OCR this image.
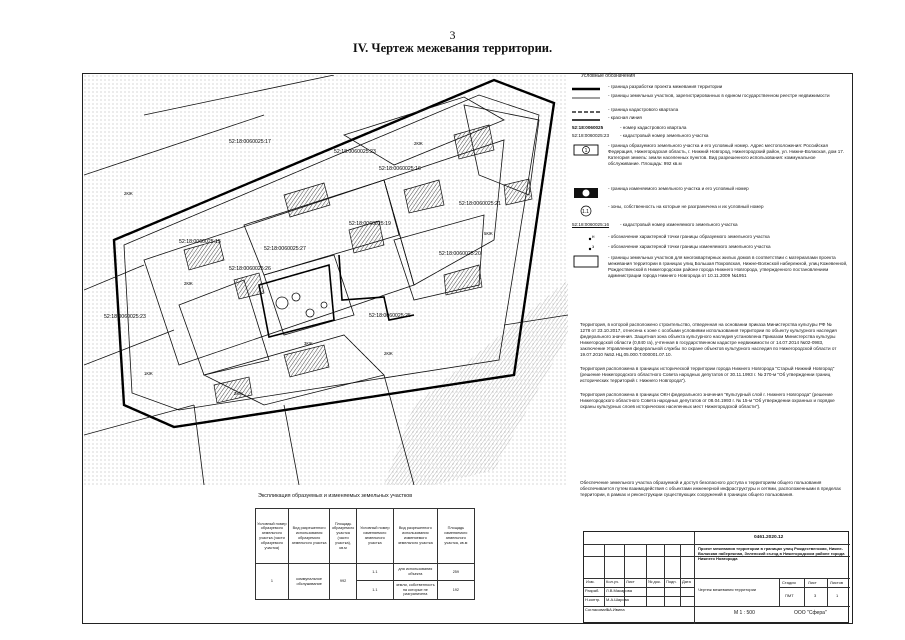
3
IV. Чертеж межевания территории.
52:18:0060025:17
52:18:0060025:16
52:18:0060025:21
52:18:0060025:15
52:18:0060025:27
52:18:0060025:19
52:18:0060025:26
52:18:0060025:20
52:18:0060025:23	52:18:0060025:25
52:18:0060025:23
2КЖ
2КЖ
3КЖ
2КЖ
5КЖ
2КЖ
1КЖ
2КЖ
Условные обозначения
- граница разработки проекта межевания территории
- границы земельных участков, зарегистрированных в едином государственном реестре недвижимости
- граница кадастрового квартала
- красная линия
52:18:0060025	- номер кадастрового квартала
52:18:0060025:23 - кадастровый номер земельного участка
1
- граница образуемого земельного участка и его условный номер. Адрес местоположения: Российская Федерация, Нижегородская область, г. Нижний Новгород, Нижегородский район, ул. Нижне-Волжская, дом 17. Категория земель: земли населенных пунктов. Вид разрешенного использования: коммунальное обслуживание. Площадь: 992 кв.м
- граница изменяемого земельного участка и его условный номер
1.1
- зоны, собственность на которые не разграничена и их условный номер
52:18:0060025:16 - кадастровый номер изменяемого земельного участка
н	- обозначение характерной точки границы образуемого земельного участка
з	- обозначение характерной точки границы изменяемого земельного участка
- границы земельных участков для многоквартирных жилых домов в соответствии с материалами проекта межевания территории в границах улиц Большая Покровская, Нижне-Волжской набережной, улиц Кожевенной, Рождественской в Нижегородском районе города Нижнего Новгорода, утвержденного постановлением администрации города Нижнего Новгорода от 10.11.2009 №1951

Территория, в которой расположено строительство, отведенная на основании приказа Министерства культуры РФ № 1278 от 23.10.2017, отнесена к зоне с особыми условиями использования территории по объекту культурного наследия федерального значения. Защитная зона объекта культурного наследия установлена Приказом Министерства культуры Нижегородской области (0,840 га), учтенная в государственном кадастре недвижимости от 14.07.2014 №02-0983, заключение Управления федеральной службы по охране объектов культурного наследия по Нижегородской области от 19.07.2010 №52.НЦ.05.000.Т.000001.07.10.

Территория расположена в границах исторической территории города Нижнего Новгорода "Старый Нижний Новгород" (решение Нижегородского областного Совета народных депутатов от 30.11.1993 г. № 370-м "Об утверждении границ исторических территорий г. Нижнего Новгорода").

Территория расположена в границах ОКН федерального значения "Культурный слой г. Нижнего Новгорода" (решение Нижегородского областного Совета народных депутатов от 08.04.1993 г. № 15-м "Об утверждении охранных и порядке охраны культурных слоев исторических населенных мест Нижегородской области").

Обеспечение земельного участка образуемой и доступ безопасного доступа к территориям общего пользования обеспечивается путем взаимодействия с объектами инженерной инфраструктуры и сетями, расположенными в пределах территории, в рамках и реконструкции существующих сооружений в границах общего пользования.
Экспликация образуемых и изменяемых земельных участков
Условный номер образуемого земельного участка (части образуемого участка)	Вид разрешенного использования образуемого земельного участка	Площадь образуемого участка (части участка), кв.м	Условный номер изменяемого земельного участка	Вид разрешенного использования изменяемого земельного участка	Площадь изменяемого земельного участка, кв.м
1	коммунальное обслуживание	992	1.1	для использования объекта	259
			1.1	земли, собственность на которые не разграничена	192
0461.2020.12
Проект межевания территории в границах улиц Рождественская, Нижне-Волжская набережная, Зеленский съезд в Нижегородском районе города Нижнего Новгорода
Чертеж межевания территории
Стадия	Лист	Листов
ПМТ	3	1
Изм.	Кол.уч. Лист	№ док. Подп. Дата
Разраб. Л.В.Макарова
Н.контр. М.А.Шарова
Согласовано
Т.А.Ивина
М 1 : 500	ООО "Сфера"
